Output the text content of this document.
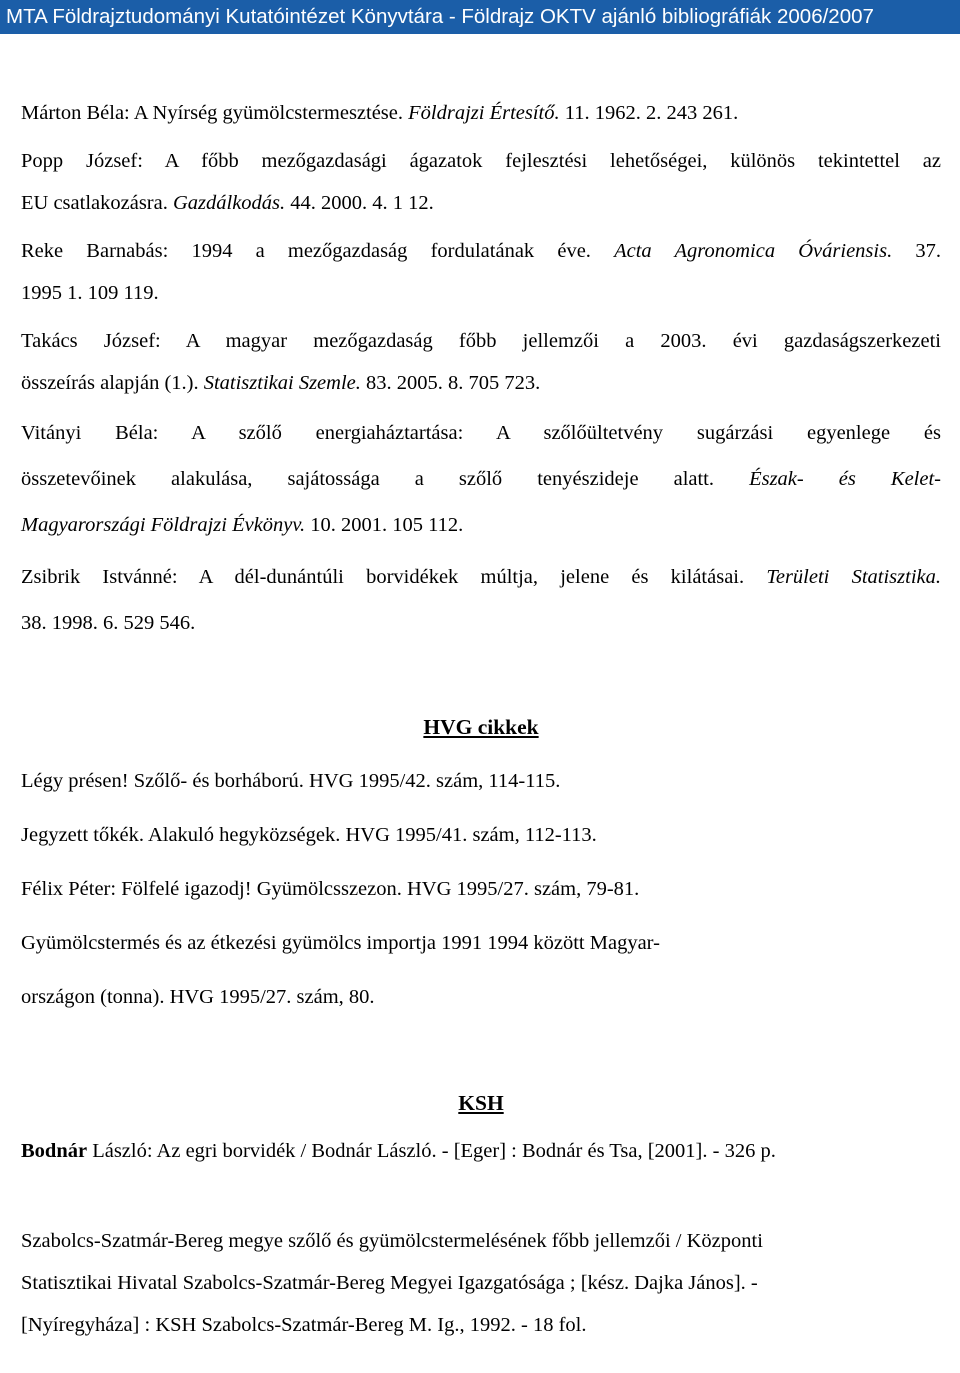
MTA Földrajztudományi Kutatóintézet Könyvtára - Földrajz OKTV ajánló bibliográfiák 2006/2007
Márton Béla: A Nyírség gyümölcstermesztése. Földrajzi Értesítő. 11. 1962. 2. 243 261.
Popp József: A főbb mezőgazdasági ágazatok fejlesztési lehetőségei, különös tekintettel az
EU csatlakozásra. Gazdálkodás. 44. 2000. 4. 1 12.
Reke Barnabás: 1994 a mezőgazdaság fordulatának éve. Acta Agronomica Óváriensis. 37.
1995 1. 109 119.
Takács József: A magyar mezőgazdaság főbb jellemzői a 2003. évi gazdaságszerkezeti
összeírás alapján (1.). Statisztikai Szemle. 83. 2005. 8. 705 723.
Vitányi Béla: A szőlő energiaháztartása: A szőlőültetvény sugárzási egyenlege és
összetevőinek alakulása, sajátossága a szőlő tenyészideje alatt. Észak- és Kelet-
Magyarországi Földrajzi Évkönyv. 10. 2001. 105 112.
Zsibrik Istvánné: A dél-dunántúli borvidékek múltja, jelene és kilátásai. Területi Statisztika.
38. 1998. 6. 529 546.
HVG cikkek
Légy présen! Szőlő- és borháború. HVG 1995/42. szám, 114-115.
Jegyzett tőkék. Alakuló hegyközségek. HVG 1995/41. szám, 112-113.
Félix Péter: Fölfelé igazodj! Gyümölcsszezon. HVG 1995/27. szám, 79-81.
Gyümölcstermés és az étkezési gyümölcs importja 1991 1994 között Magyar-
országon (tonna). HVG 1995/27. szám, 80.
KSH
Bodnár László: Az egri borvidék / Bodnár László. - [Eger] : Bodnár és Tsa, [2001]. - 326 p.
Szabolcs-Szatmár-Bereg megye szőlő és gyümölcstermelésének főbb jellemzői / Központi
Statisztikai Hivatal Szabolcs-Szatmár-Bereg Megyei Igazgatósága ; [kész. Dajka János]. -
[Nyíregyháza] : KSH Szabolcs-Szatmár-Bereg M. Ig., 1992. - 18 fol.
